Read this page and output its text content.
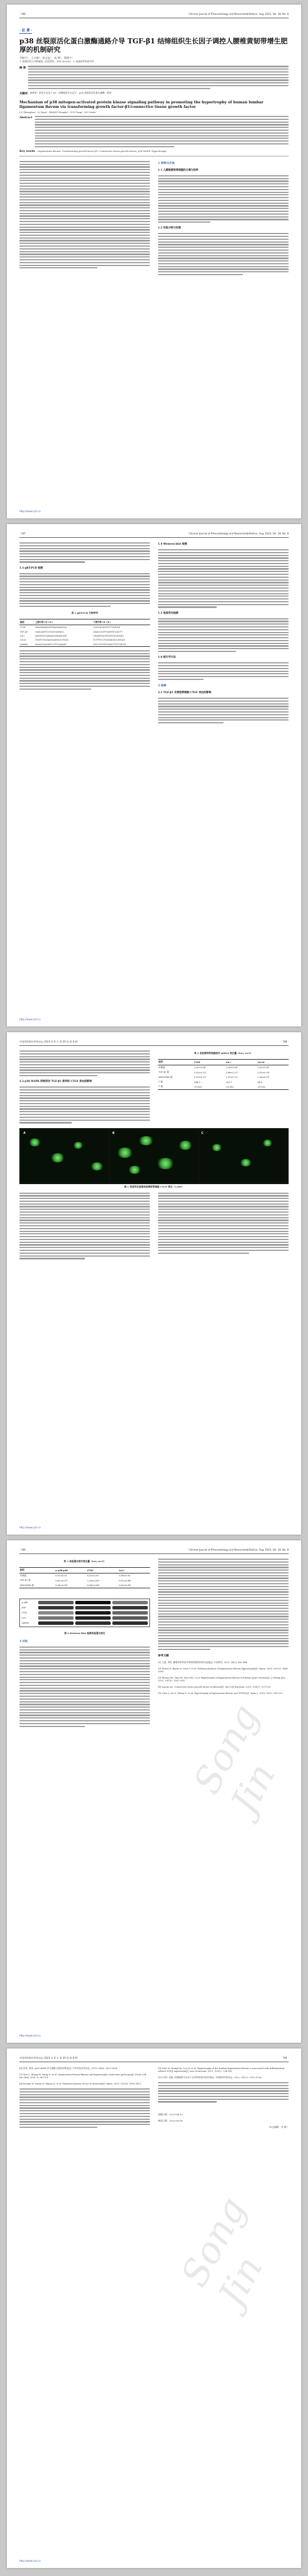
· 786 ·	Chinese Journal of Rheumatology and Neurorehabilitation, Aug. 2023, Vol. 39, No. 8
· 论 著 ·
p38 丝裂原活化蛋白激酶通路介导 TGF-β1 结缔组织生长因子调控人腰椎黄韧带增生肥厚的机制研究
尹振宇¹，王文斌²，张宏远¹，刘 明²，蒋晓宇¹
1. 福建医科大学附属第二医院骨科，泉州 362000；2. 福建省骨科研究所
摘 要
关键词 黄韧带；转化生长因子-β1；结缔组织生长因子；p38 丝裂原活化蛋白激酶；肥厚
Mechanism of p38 mitogen-activated protein kinase signaling pathway in promoting the hypertrophy of human lumbar ligamentum flavum via transforming growth factor-β1/connective tissue growth factor
LU Zhenghua¹, LI Yijun², ZHANG Hongbo¹, ZUO Yang², LIU Linbo¹
Abstract
Key words Ligamentum flavum; Transforming growth factor-β1; Connective tissue growth factor; p38 MAPK; Hypertrophy
1 材料与方法
1.1 人腰椎黄韧带细胞的分离与培养
1.2 实验分组与处理
http://www.cjrt.cn
· 787 ·	Chinese Journal of Rheumatology and Neurorehabilitation, Aug. 2023, Vol. 39, No. 8
1.3 qRT-PCR 检测
表 1 qRT-PCR 引物序列
基因	上游引物 (5'→3')	下游引物 (5'→3')
CTGF	GAGGAAAACATTAAGAAGGGC	CGGCACAGGTCTTGATGA
TGF-β1	CAACAATTCCTGGCGATACC	GAACCCGTTGATGTCCACTT
Col I	GAGGGCCAAGACGAAGACATC	CAGATCACGTCATCGCACAAC
Col III	TGGTCTGCAAGGAATGCCTGGA	TCTTTCCCTGGGACACCATCAG
GAPDH	GGAGCGAGATCCCTCCAAAAT	GGCTGTTGTCATACTTCTCATGG
1.4 Western blot 检测
1.5 免疫荧光检测
1.6 统计学方法
2 结果
2.1 TGF-β1 对黄韧带细胞 CTGF 表达的影响
http://www.cjrt.cn
中国骨科矫形外科杂志 2023 年 8 月 第 39 卷 第 8 期	· 788 ·
2.2 p38 MAPK 抑制剂对 TGF-β1 诱导的 CTGF 表达的影响
表 2 各组黄韧带细胞相对 mRNA 表达量（x̄±s, n=3）
组别	CTGF	Col I	Col III
对照组	1.00±0.08	1.00±0.06	1.00±0.09
TGF-β1 组	3.42±0.21ᵃ	2.86±0.17ᵃ	2.35±0.19ᵃ
SB203580 组	1.52±0.13ᵇ	1.37±0.11ᵇ	1.28±0.10ᵇ
F 值	168.3	142.7	96.5
P 值	<0.001	<0.001	<0.001
A	B	C
图 1 免疫荧光检测各组黄韧带细胞 CTGF 表达（×200）
http://www.cjrt.cn
· 789 ·	Chinese Journal of Rheumatology and Neurorehabilitation, Aug. 2023, Vol. 39, No. 8
表 3 各组蛋白相对表达量（x̄±s, n=3）
组别	p-p38/p38	CTGF	Col I
对照组	0.31±0.04	0.42±0.05	0.38±0.04
TGF-β1 组	0.87±0.07ᵃ	1.16±0.09ᵃ	0.97±0.08ᵃ
SB203580 组	0.36±0.05ᵇ	0.58±0.06ᵇ	0.49±0.05ᵇ
p-p38
p38
CTGF
Col I
GAPDH
图 2 Western blot 检测各组蛋白表达
3 讨论
参考文献
[1] 王强, 李明. 腰椎管狭窄症中黄韧带肥厚的研究进展[J]. 中国骨伤, 2021, 34(5): 482-486.
[2] Sairyo K, Biyani A, Goel V, et al. Pathomechanism of ligamentum flavum hypertrophy[J]. Spine, 2005, 30(23): 2649-2656.
[3] Zhong ZM, Zha DS, Xiao WD, et al. Hypertrophy of ligamentum flavum in lumbar spine stenosis[J]. J Orthop Res, 2011, 29(10): 1592-1597.
[4] Lipson AC. Connective tissue growth factor in fibrosis[J]. Mol Cell Biochem, 2010, 336(1): 121-128.
[5] Chen J, Liu Z, Zhong G, et al. Hypertrophy of ligamentum flavum and TGF-β1[J]. Spine J, 2016, 16(2): 208-215.
Song Jin
http://www.cjrt.cn
中国骨科矫形外科杂志 2023 年 8 月 第 39 卷 第 8 期	· 790 ·
[6] 张伟, 陈涛. p38 MAPK 信号通路与组织纤维化[J]. 中华实验外科杂志, 2019, 36(8): 1421-1424.
[7] Sun C, Zhang H, Wang X, et al. Ligamentum flavum fibrosis and hypertrophy: molecular pathways[J]. Front Cell Dev Biol, 2020, 8: 563714.
[8] Kosaka H, Sairyo K, Biyani A, et al. Pathomechanism of loss of elasticity[J]. Spine, 2007, 32(25): 2805-2811.
[9] Löhr M, Hampl JA, Lee JY, et al. Hypertrophy of the lumbar ligamentum flavum is associated with inflammation-related TGF-β expression[J]. Acta Neurochir, 2011, 153(1): 134-141.
[10] 刘洋, 赵磊. 结缔组织生长因子在骨科疾病中的作用[J]. 中国矫形外科杂志, 2022, 30(12): 1102-1106.
收稿日期：2023-04-12
修回日期：2023-06-08
（本文编辑：李 静）
Song Jin
http://www.cjrt.cn
